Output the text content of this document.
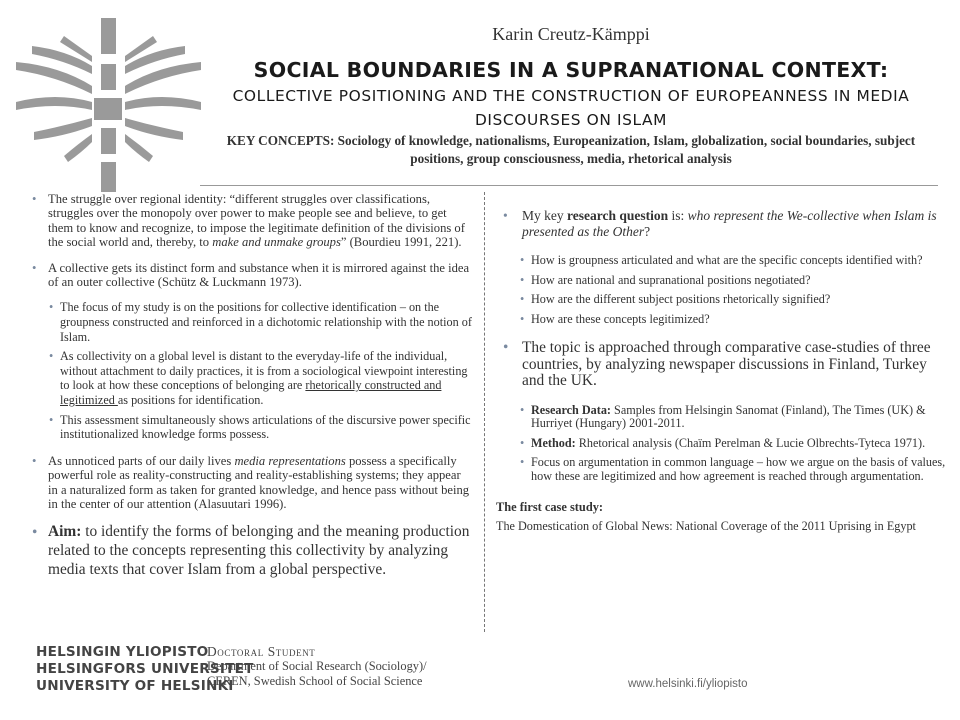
Karin Creutz-Kämppi
SOCIAL BOUNDARIES IN A SUPRANATIONAL CONTEXT:
COLLECTIVE POSITIONING AND THE CONSTRUCTION OF EUROPEANNESS IN MEDIA DISCOURSES ON ISLAM
KEY CONCEPTS: Sociology of knowledge, nationalisms, Europeanization, Islam, globalization, social boundaries, subject positions, group consciousness, media, rhetorical analysis
• The struggle over regional identity: “different struggles over classifications, struggles over the monopoly over power to make people see and believe, to get them to know and recognize, to impose the legitimate definition of the divisions of the social world and, thereby, to make and unmake groups” (Bourdieu 1991, 221).
• A collective gets its distinct form and substance when it is mirrored against the idea of an outer collective (Schütz & Luckmann 1973).
• The focus of my study is on the positions for collective identification – on the groupness constructed and reinforced in a dichotomic relationship with the notion of Islam.
• As collectivity on a global level is distant to the everyday-life of the individual, without attachment to daily practices, it is from a sociological viewpoint interesting to look at how these conceptions of belonging are rhetorically constructed and legitimized as positions for identification.
• This assessment simultaneously shows articulations of the discursive power specific institutionalized knowledge forms possess.
• As unnoticed parts of our daily lives media representations possess a specifically powerful role as reality-constructing and reality-establishing systems; they appear in a naturalized form as taken for granted knowledge, and hence pass without being in the center of our attention (Alasuutari 1996).
• Aim: to identify the forms of belonging and the meaning production related to the concepts representing this collectivity by analyzing media texts that cover Islam from a global perspective.
• My key research question is: who represent the We-collective when Islam is presented as the Other?
• How is groupness articulated and what are the specific concepts identified with?
• How are national and supranational positions negotiated?
• How are the different subject positions rhetorically signified?
• How are these concepts legitimized?
• The topic is approached through comparative case-studies of three countries, by analyzing newspaper discussions in Finland, Turkey and the UK.
• Research Data: Samples from Helsingin Sanomat (Finland), The Times (UK) & Hurriyet (Hungary) 2001-2011.
• Method: Rhetorical analysis (Chaïm Perelman & Lucie Olbrechts-Tyteca 1971).
• Focus on argumentation in common language – how we argue on the basis of values, how these are legitimized and how agreement is reached through argumentation.
The first case study:
The Domestication of Global News: National Coverage of the 2011 Uprising in Egypt
HELSINGIN YLIOPISTO
HELSINGFORS UNIVERSITET
UNIVERSITY OF HELSINKI
Doctoral Student
Department of Social Research (Sociology)/
CEREN, Swedish School of Social Science	www.helsinki.fi/yliopisto
